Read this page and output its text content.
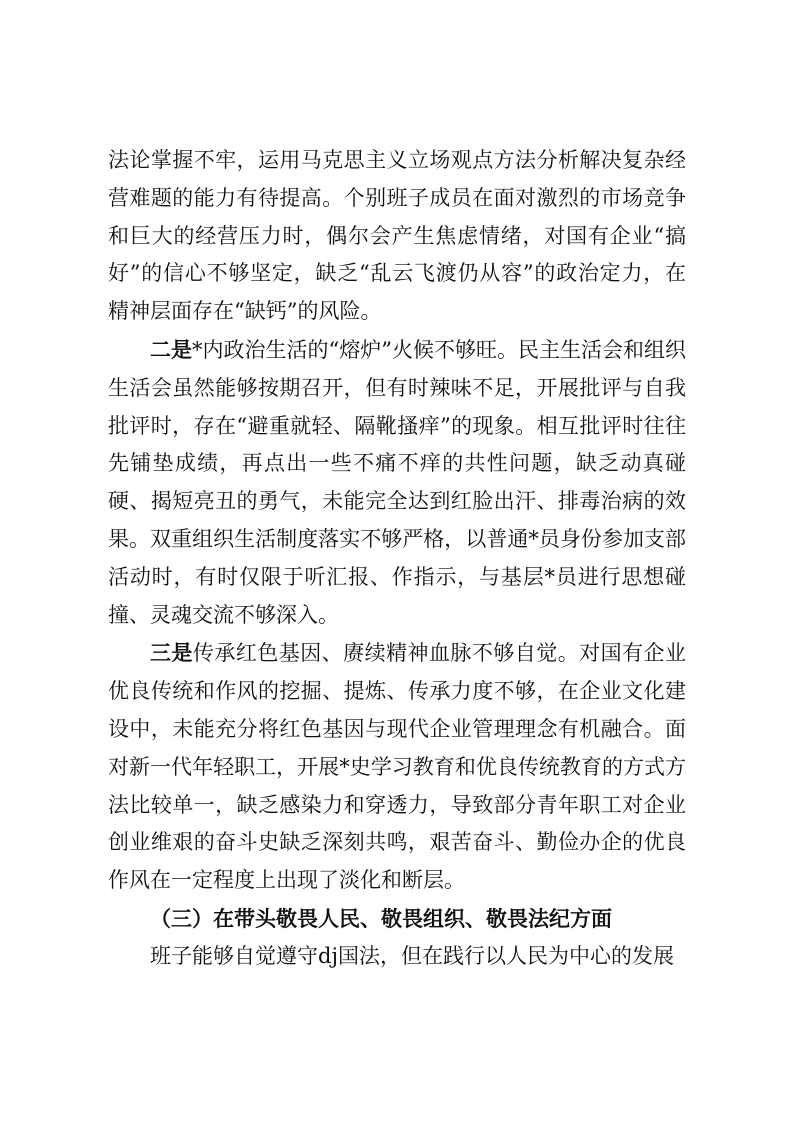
法论掌握不牢，运用马克思主义立场观点方法分析解决复杂经营难题的能力有待提高。个别班子成员在面对激烈的市场竞争和巨大的经营压力时，偶尔会产生焦虑情绪，对国有企业“搞好”的信心不够坚定，缺乏“乱云飞渡仍从容”的政治定力，在精神层面存在“缺钙”的风险。

二是*内政治生活的“熔炉”火候不够旺。民主生活会和组织生活会虽然能够按期召开，但有时辣味不足，开展批评与自我批评时，存在“避重就轻、隔靴搔痒”的现象。相互批评时往往先铺垫成绩，再点出一些不痛不痒的共性问题，缺乏动真碰硬、揭短亮丑的勇气，未能完全达到红脸出汗、排毒治病的效果。双重组织生活制度落实不够严格，以普通*员身份参加支部活动时，有时仅限于听汇报、作指示，与基层*员进行思想碰撞、灵魂交流不够深入。

三是传承红色基因、赓续精神血脉不够自觉。对国有企业优良传统和作风的挖掘、提炼、传承力度不够，在企业文化建设中，未能充分将红色基因与现代企业管理理念有机融合。面对新一代年轻职工，开展*史学习教育和优良传统教育的方式方法比较单一，缺乏感染力和穿透力，导致部分青年职工对企业创业维艰的奋斗史缺乏深刻共鸣，艰苦奋斗、勤俭办企的优良作风在一定程度上出现了淡化和断层。

（三）在带头敬畏人民、敬畏组织、敬畏法纪方面

班子能够自觉遵守dj国法，但在践行以人民为中心的发展
